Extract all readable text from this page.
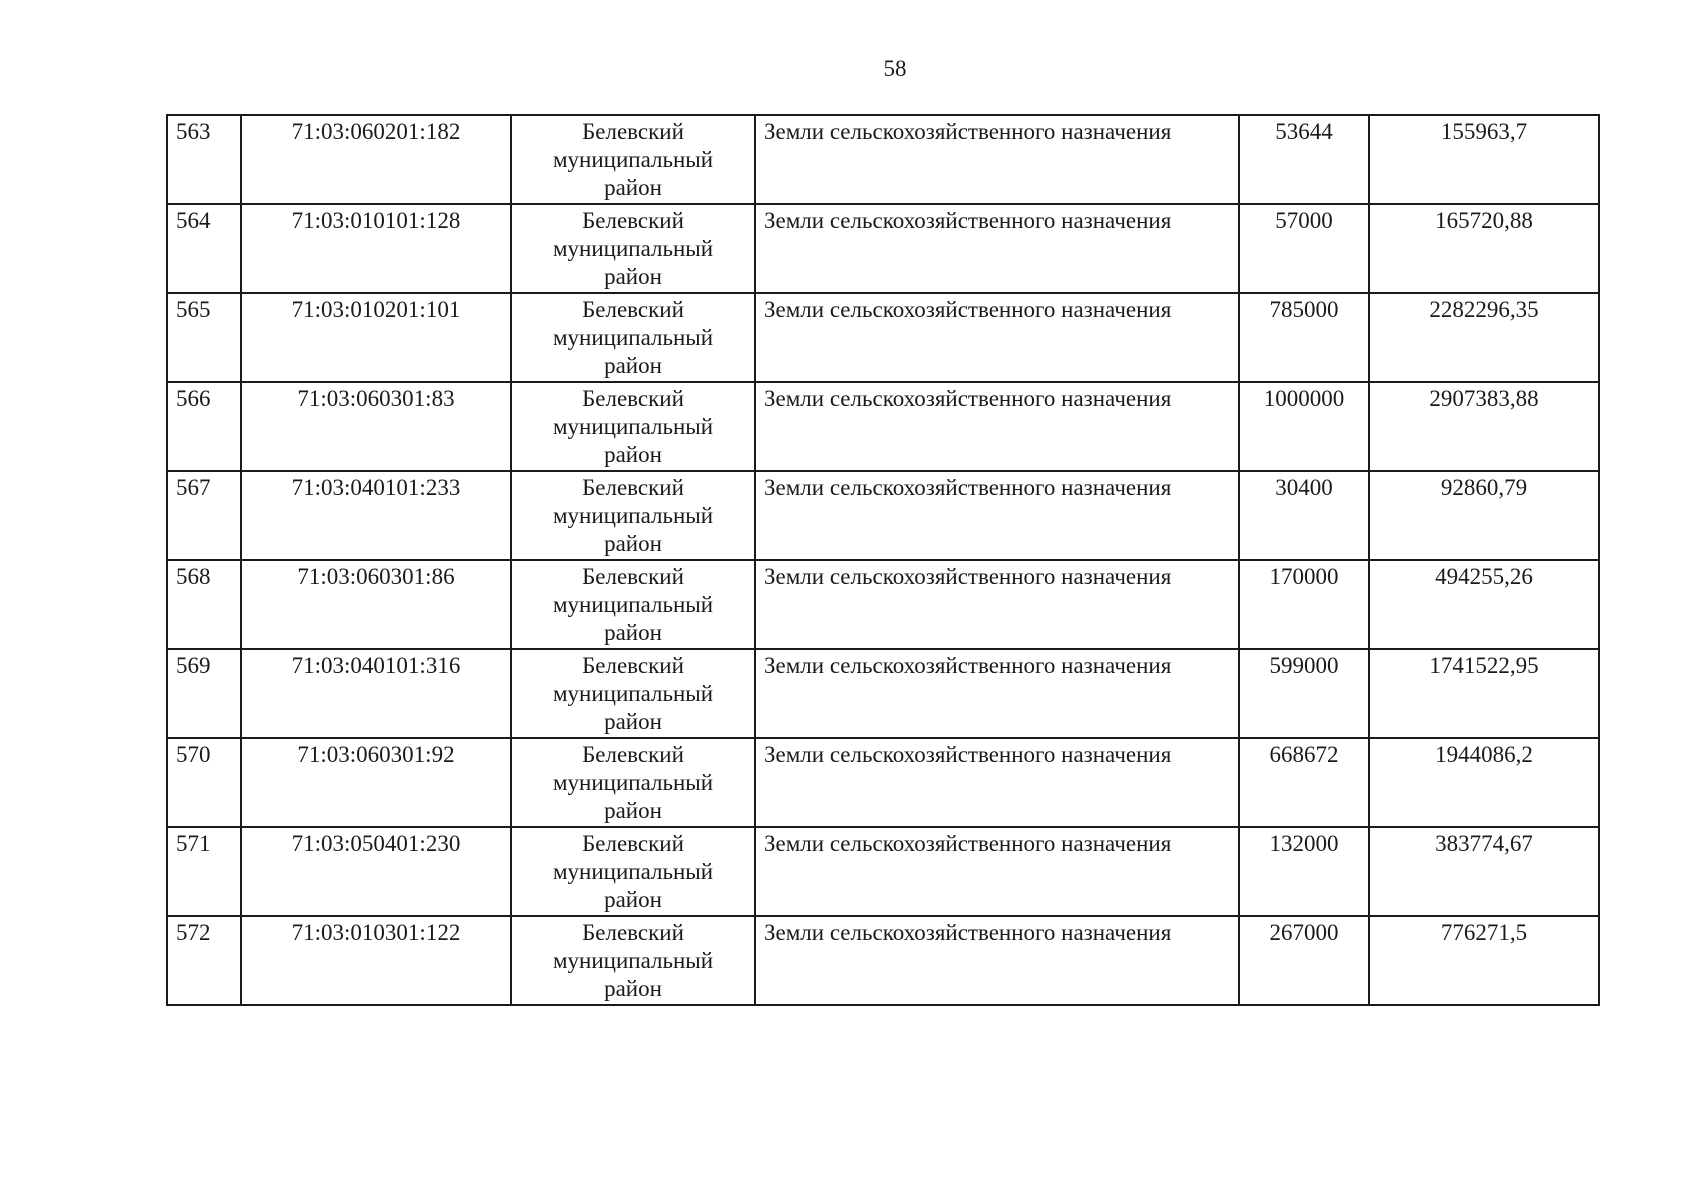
58
563	71:03:060201:182	Белевский
муниципальный
район	Земли сельскохозяйственного назначения	53644	155963,7
564	71:03:010101:128	Белевский
муниципальный
район	Земли сельскохозяйственного назначения	57000	165720,88
565	71:03:010201:101	Белевский
муниципальный
район	Земли сельскохозяйственного назначения	785000	2282296,35
566	71:03:060301:83	Белевский
муниципальный
район	Земли сельскохозяйственного назначения	1000000	2907383,88
567	71:03:040101:233	Белевский
муниципальный
район	Земли сельскохозяйственного назначения	30400	92860,79
568	71:03:060301:86	Белевский
муниципальный
район	Земли сельскохозяйственного назначения	170000	494255,26
569	71:03:040101:316	Белевский
муниципальный
район	Земли сельскохозяйственного назначения	599000	1741522,95
570	71:03:060301:92	Белевский
муниципальный
район	Земли сельскохозяйственного назначения	668672	1944086,2
571	71:03:050401:230	Белевский
муниципальный
район	Земли сельскохозяйственного назначения	132000	383774,67
572	71:03:010301:122	Белевский
муниципальный
район	Земли сельскохозяйственного назначения	267000	776271,5
